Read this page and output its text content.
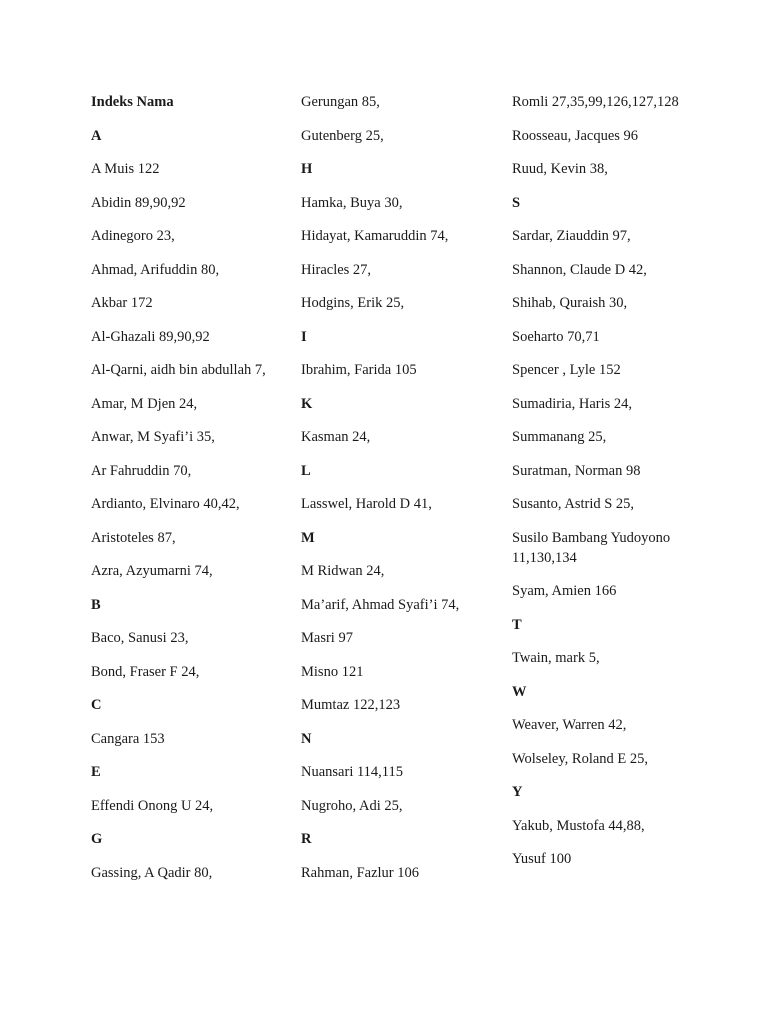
Indeks Nama
A
A Muis 122
Abidin 89,90,92
Adinegoro 23,
Ahmad, Arifuddin 80,
Akbar 172
Al-Ghazali 89,90,92
Al-Qarni, aidh bin abdullah 7,
Amar, M Djen 24,
Anwar, M Syafi’i 35,
Ar Fahruddin 70,
Ardianto, Elvinaro 40,42,
Aristoteles 87,
Azra, Azyumarni 74,
B
Baco, Sanusi 23,
Bond, Fraser F 24,
C
Cangara 153
E
Effendi Onong U 24,
G
Gassing, A Qadir 80,
Gerungan 85,
Gutenberg 25,
H
Hamka, Buya 30,
Hidayat, Kamaruddin 74,
Hiracles 27,
Hodgins, Erik 25,
I
Ibrahim, Farida 105
K
Kasman 24,
L
Lasswel, Harold D 41,
M
M Ridwan 24,
Ma’arif, Ahmad Syafi’i 74,
Masri 97
Misno 121
Mumtaz 122,123
N
Nuansari 114,115
Nugroho, Adi 25,
R
Rahman, Fazlur 106
Romli 27,35,99,126,127,128
Roosseau, Jacques 96
Ruud, Kevin 38,
S
Sardar, Ziauddin 97,
Shannon, Claude D 42,
Shihab, Quraish 30,
Soeharto 70,71
Spencer , Lyle 152
Sumadiria, Haris 24,
Summanang 25,
Suratman, Norman 98
Susanto, Astrid S 25,
Susilo Bambang Yudoyono 11,130,134
Syam, Amien 166
T
Twain, mark 5,
W
Weaver, Warren 42,
Wolseley, Roland E 25,
Y
Yakub, Mustofa 44,88,
Yusuf 100
